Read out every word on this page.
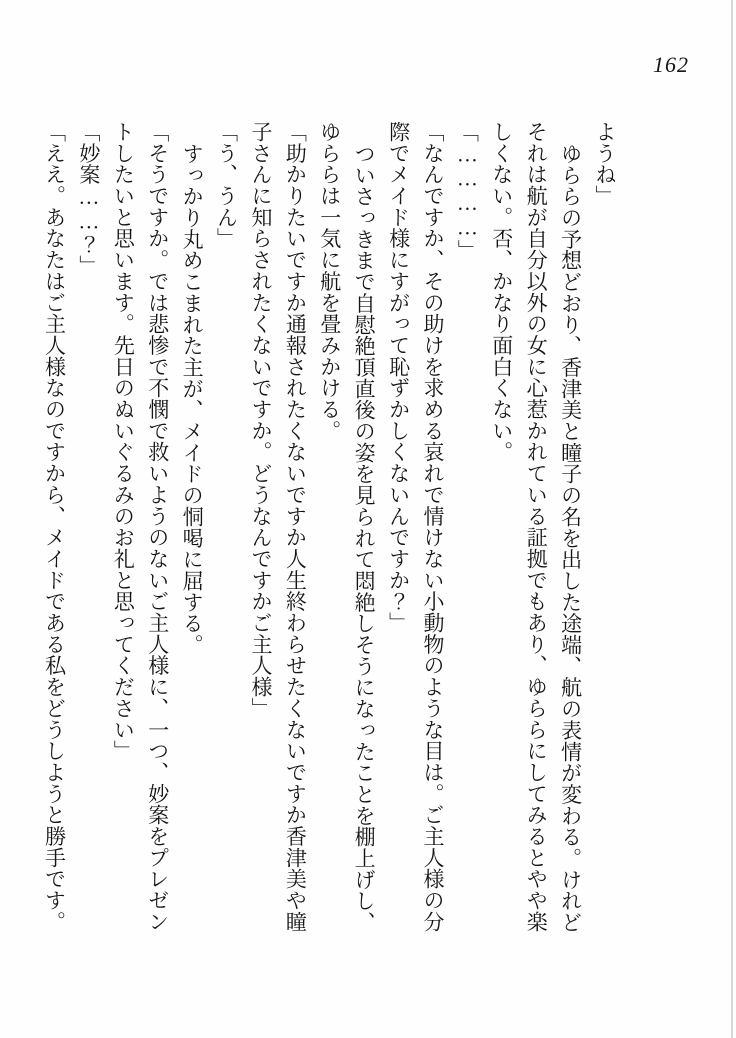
162

ようね」

ゆららの予想どおり、香津美と瞳子の名を出した途端、航の表情が変わる。けれど

それは航が自分以外の女に心惹かれている証拠でもあり、ゆららにしてみるとやや楽

しくない。否、かなり面白くない。

「…………」

「なんですか、その助けを求める哀れで情けない小動物のような目は。ご主人様の分

際でメイド様にすがって恥ずかしくないんですか？」

ついさっきまで自慰絶頂直後の姿を見られて悶絶しそうになったことを棚上げし、

ゆららは一気に航を畳みかける。

「助かりたいですか通報されたくないですか人生終わらせたくないですか香津美や瞳

子さんに知らされたくないですか。どうなんですかご主人様」

「う、うん」

すっかり丸めこまれた主が、メイドの恫喝に屈する。

「そうですか。では悲惨で不憫で救いようのないご主人様に、一つ、妙案をプレゼン

トしたいと思います。先日のぬいぐるみのお礼と思ってください」

「妙案……？」

「ええ。あなたはご主人様なのですから、メイドである私をどうしようと勝手です。
